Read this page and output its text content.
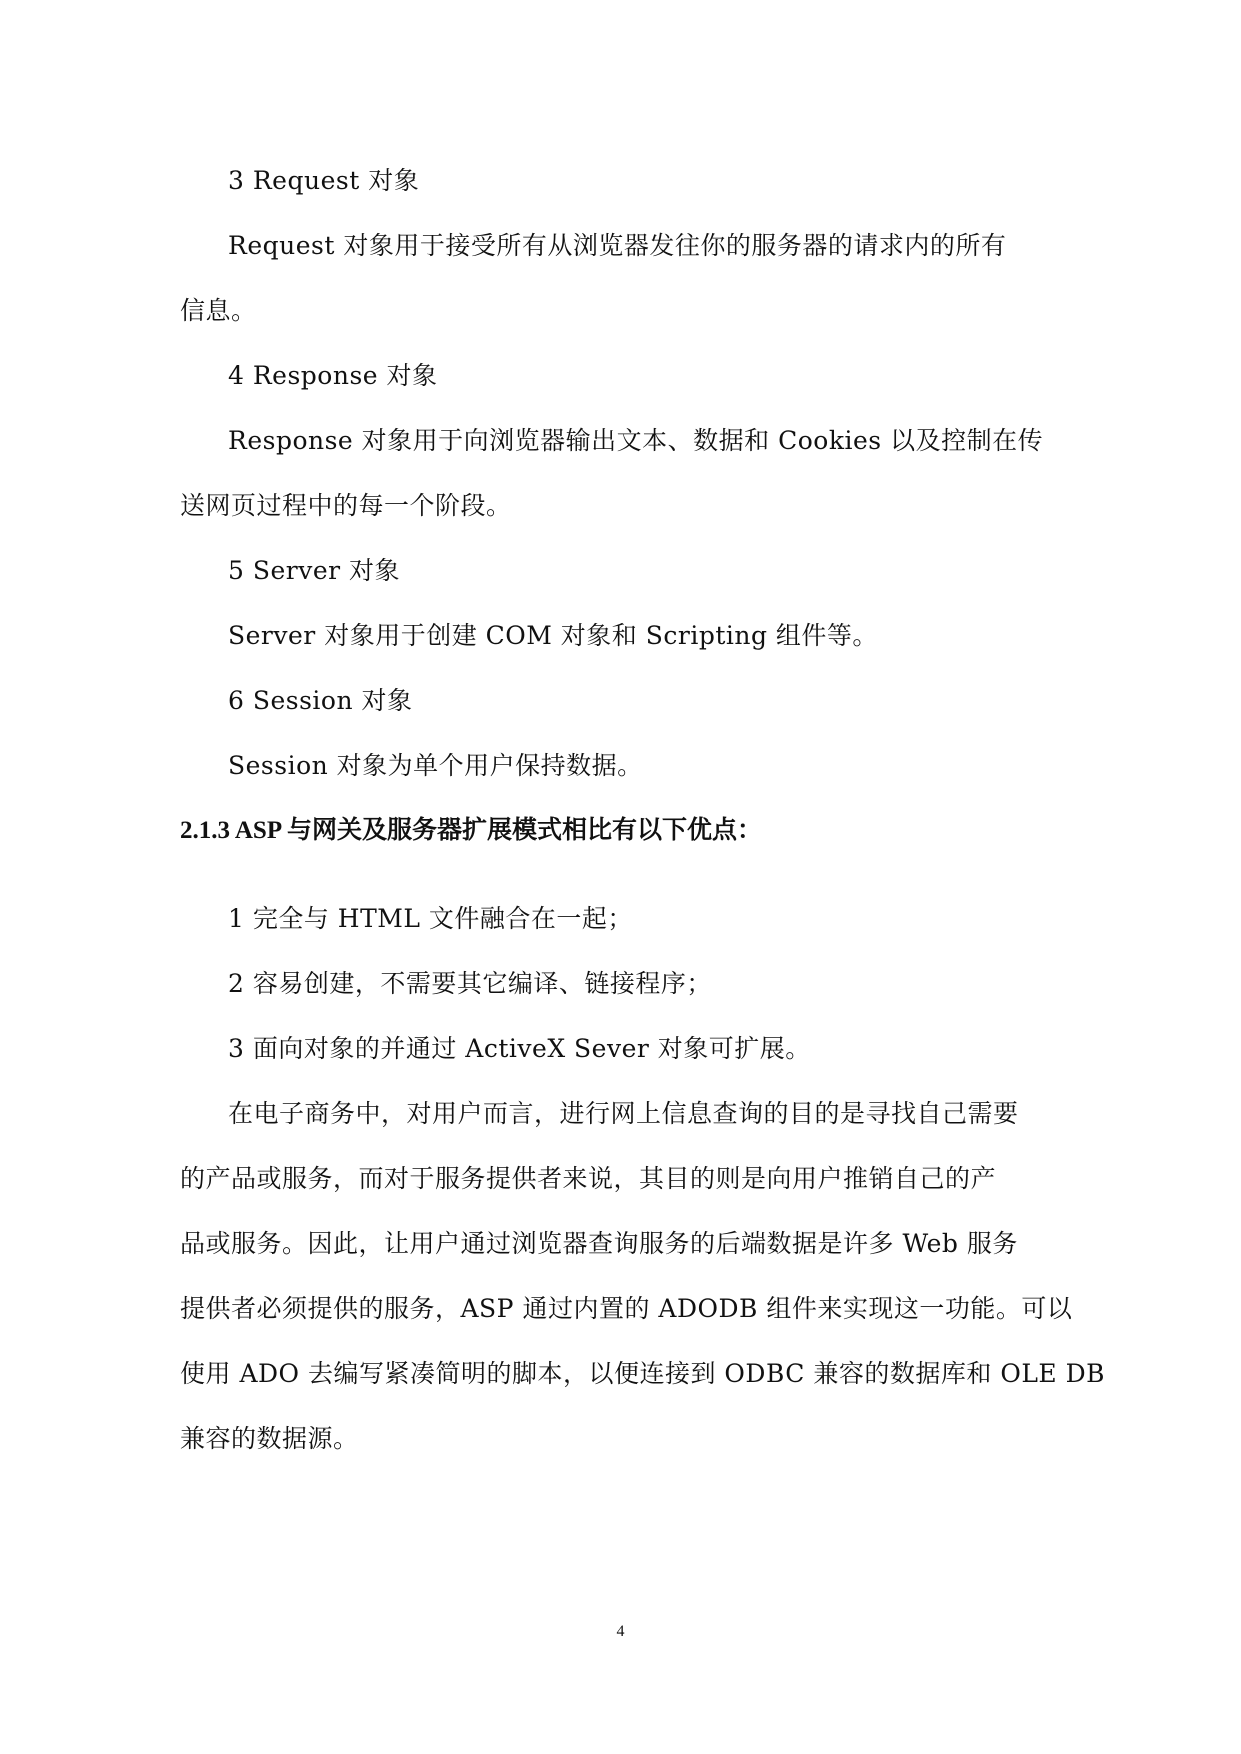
3 Request 对象
Request 对象用于接受所有从浏览器发往你的服务器的请求内的所有
信息。
4 Response 对象
Response 对象用于向浏览器输出文本、数据和 Cookies 以及控制在传
送网页过程中的每一个阶段。
5 Server 对象
Server 对象用于创建 COM 对象和 Scripting 组件等。
6 Session 对象
Session 对象为单个用户保持数据。
2.1.3 ASP 与网关及服务器扩展模式相比有以下优点：
1 完全与 HTML 文件融合在一起；
2 容易创建，不需要其它编译、链接程序；
3 面向对象的并通过 ActiveX Sever 对象可扩展。
在电子商务中，对用户而言，进行网上信息查询的目的是寻找自己需要
的产品或服务，而对于服务提供者来说，其目的则是向用户推销自己的产
品或服务。因此，让用户通过浏览器查询服务的后端数据是许多 Web 服务
提供者必须提供的服务，ASP 通过内置的 ADODB 组件来实现这一功能。可以
使用 ADO 去编写紧凑简明的脚本，以便连接到 ODBC 兼容的数据库和 OLE DB
兼容的数据源。
4
